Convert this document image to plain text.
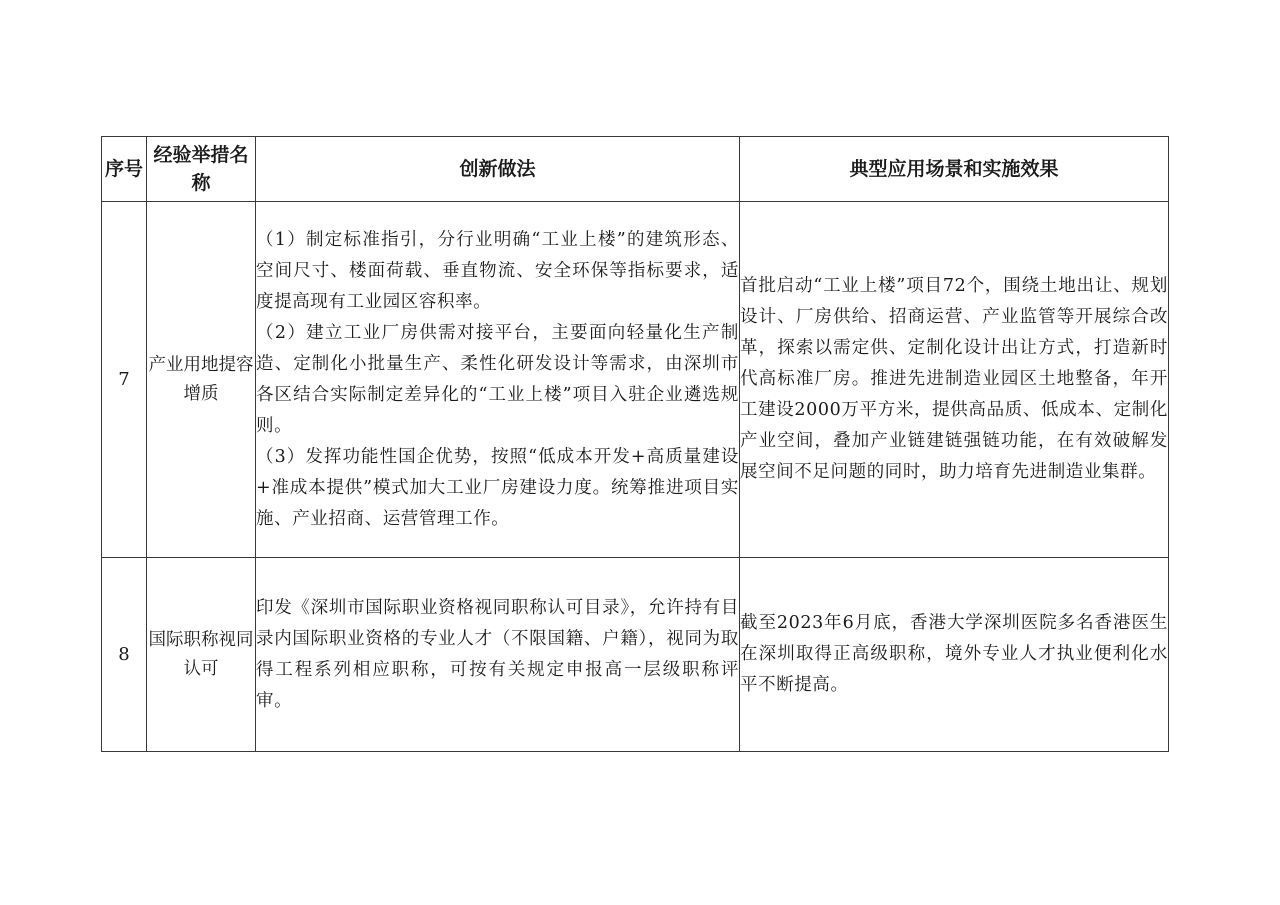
序号	经验举措名称	创新做法	典型应用场景和实施效果
7	产业用地提容增质	（1）制定标准指引，分行业明确“工业上楼”的建筑形态、空间尺寸、楼面荷载、垂直物流、安全环保等指标要求，适度提高现有工业园区容积率。
（2）建立工业厂房供需对接平台，主要面向轻量化生产制造、定制化小批量生产、柔性化研发设计等需求，由深圳市各区结合实际制定差异化的“工业上楼”项目入驻企业遴选规则。
（3）发挥功能性国企优势，按照“低成本开发+高质量建设+准成本提供”模式加大工业厂房建设力度。统筹推进项目实施、产业招商、运营管理工作。	首批启动“工业上楼”项目72个，围绕土地出让、规划设计、厂房供给、招商运营、产业监管等开展综合改革，探索以需定供、定制化设计出让方式，打造新时代高标准厂房。推进先进制造业园区土地整备，年开工建设2000万平方米，提供高品质、低成本、定制化产业空间，叠加产业链建链强链功能，在有效破解发展空间不足问题的同时，助力培育先进制造业集群。
8	国际职称视同认可	印发《深圳市国际职业资格视同职称认可目录》，允许持有目录内国际职业资格的专业人才（不限国籍、户籍），视同为取得工程系列相应职称，可按有关规定申报高一层级职称评审。	截至2023年6月底，香港大学深圳医院多名香港医生在深圳取得正高级职称，境外专业人才执业便利化水平不断提高。
